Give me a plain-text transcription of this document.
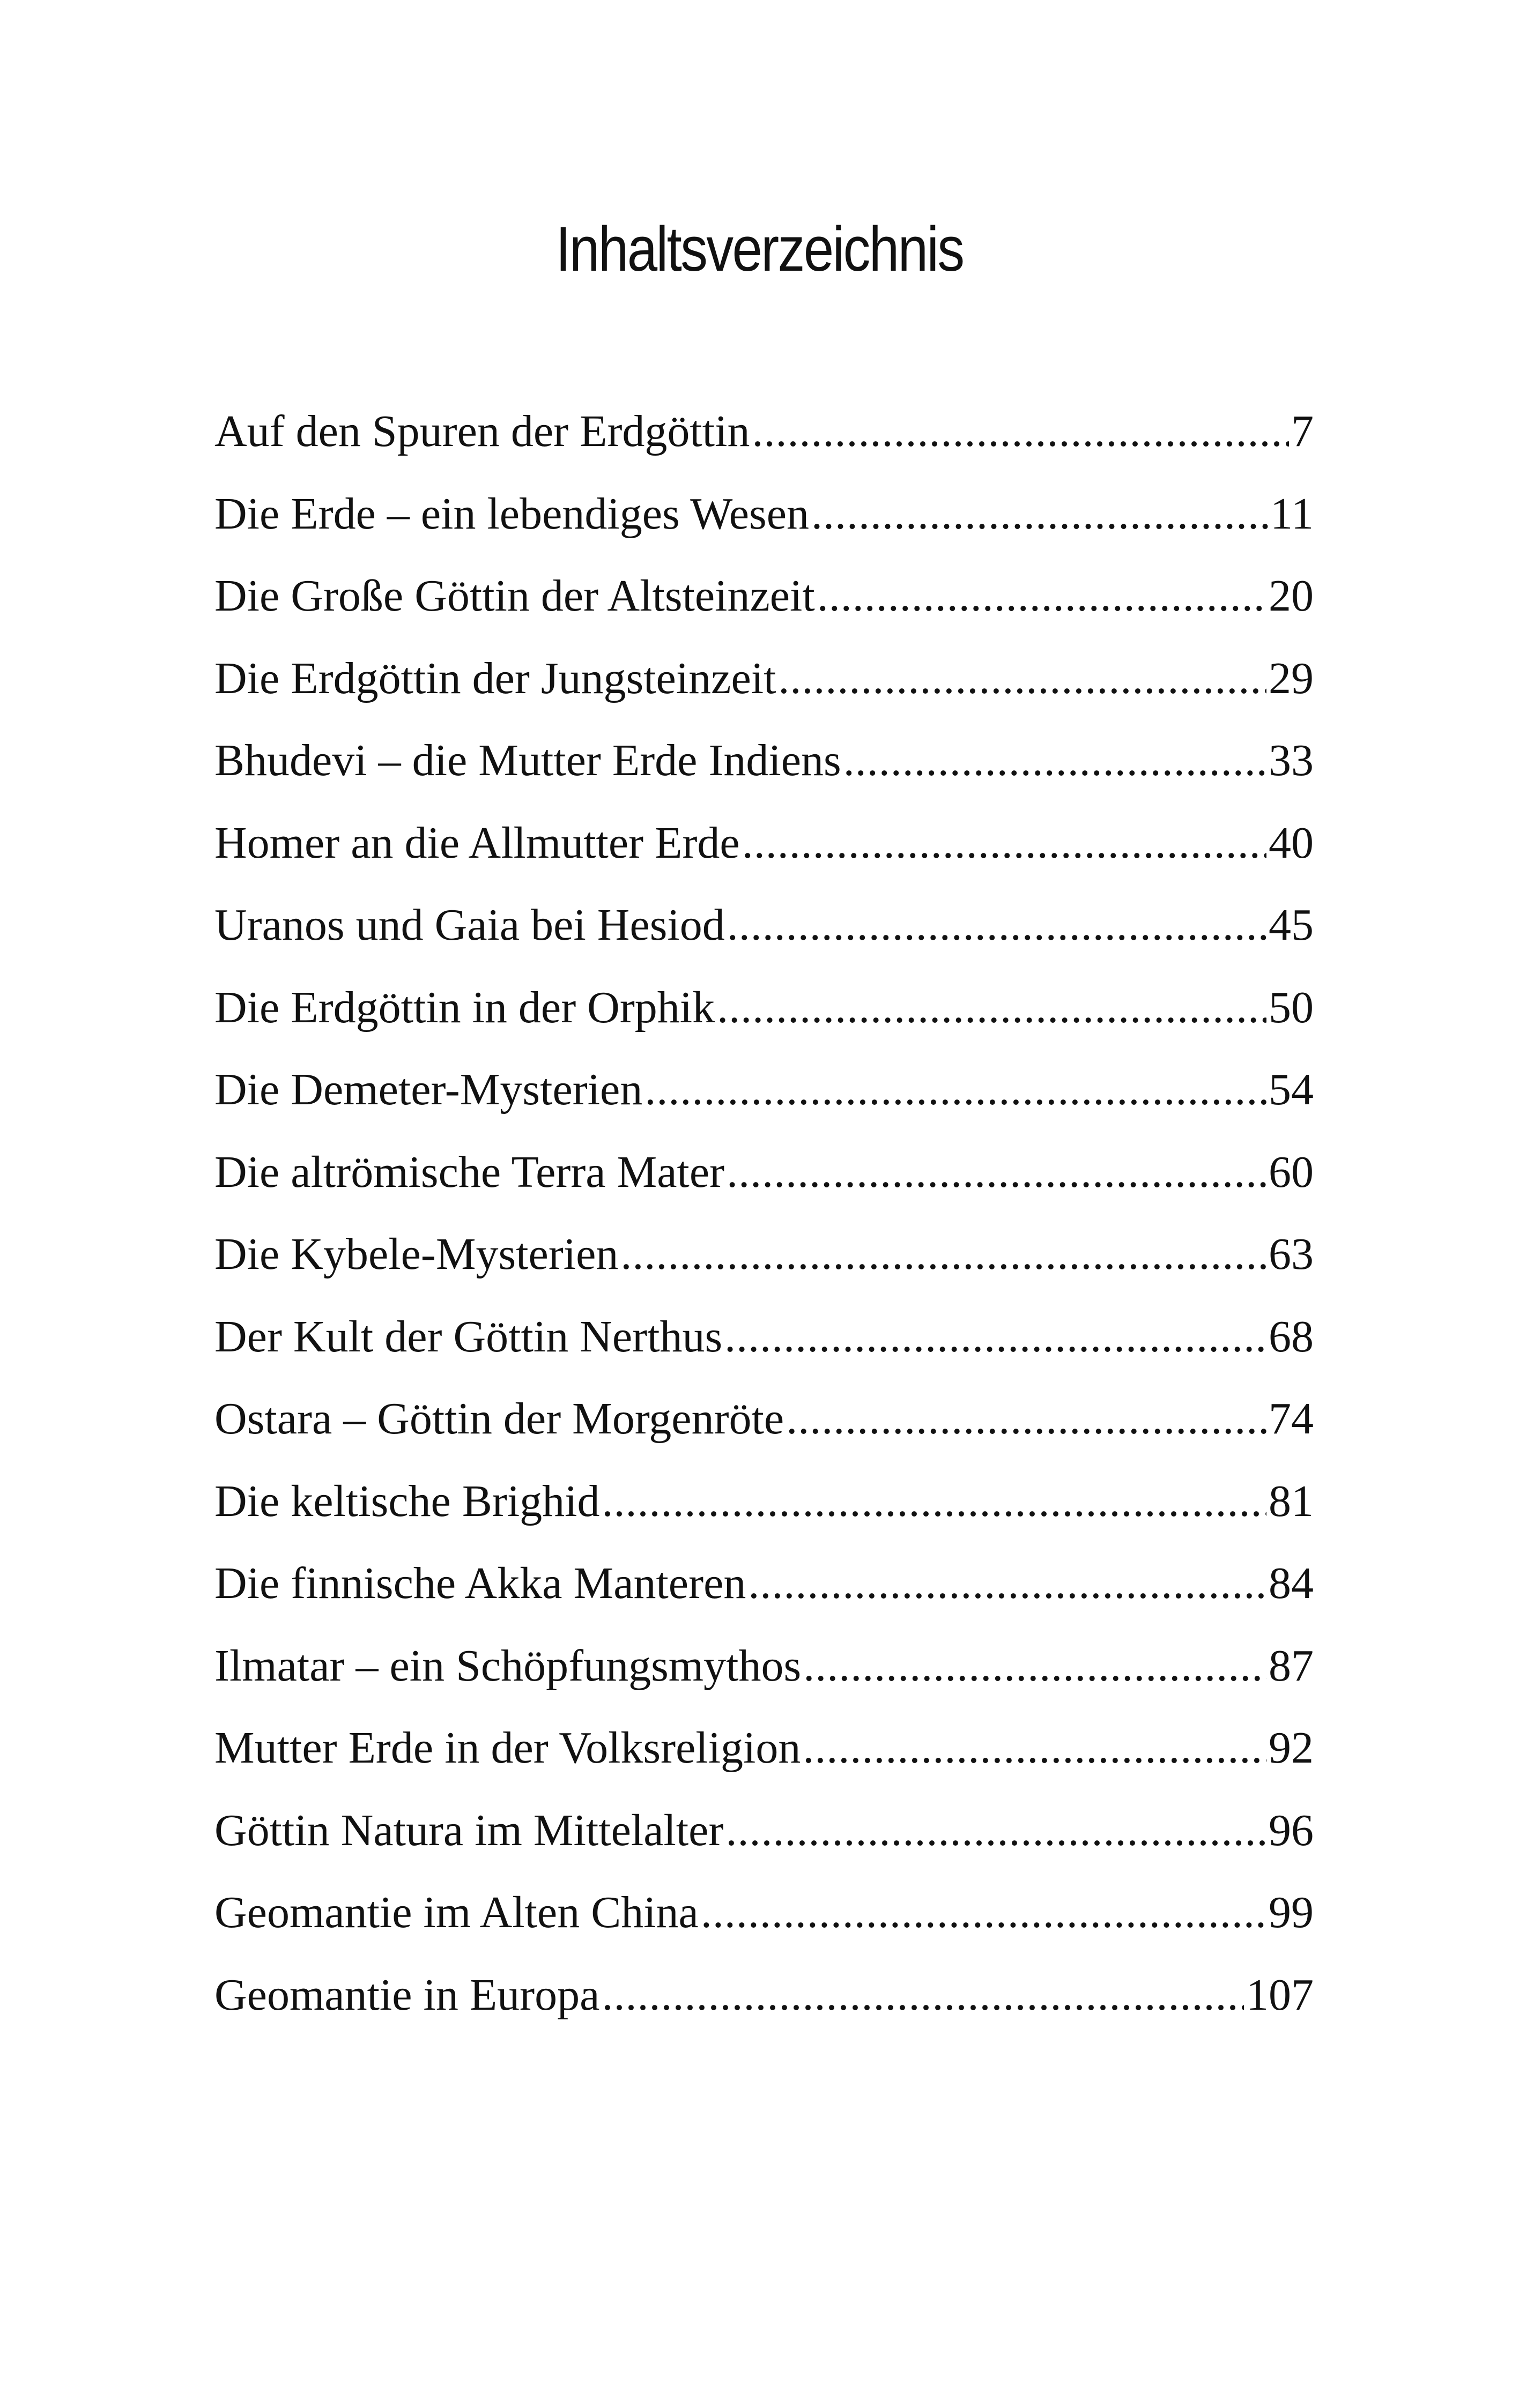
Inhaltsverzeichnis
Auf den Spuren der Erdgöttin .....	7
Die Erde – ein lebendiges Wesen .....	11
Die Große Göttin der Altsteinzeit .....	20
Die Erdgöttin der Jungsteinzeit .....	29
Bhudevi – die Mutter Erde Indiens .....	33
Homer an die Allmutter Erde .....	40
Uranos und Gaia bei Hesiod .....	45
Die Erdgöttin in der Orphik .....	50
Die Demeter-Mysterien .....	54
Die altrömische Terra Mater .....	60
Die Kybele-Mysterien .....	63
Der Kult der Göttin Nerthus .....	68
Ostara – Göttin der Morgenröte .....	74
Die keltische Brighid .....	81
Die finnische Akka Manteren .....	84
Ilmatar – ein Schöpfungsmythos .....	87
Mutter Erde in der Volksreligion .....	92
Göttin Natura im Mittelalter .....	96
Geomantie im Alten China .....	99
Geomantie in Europa .....	107
